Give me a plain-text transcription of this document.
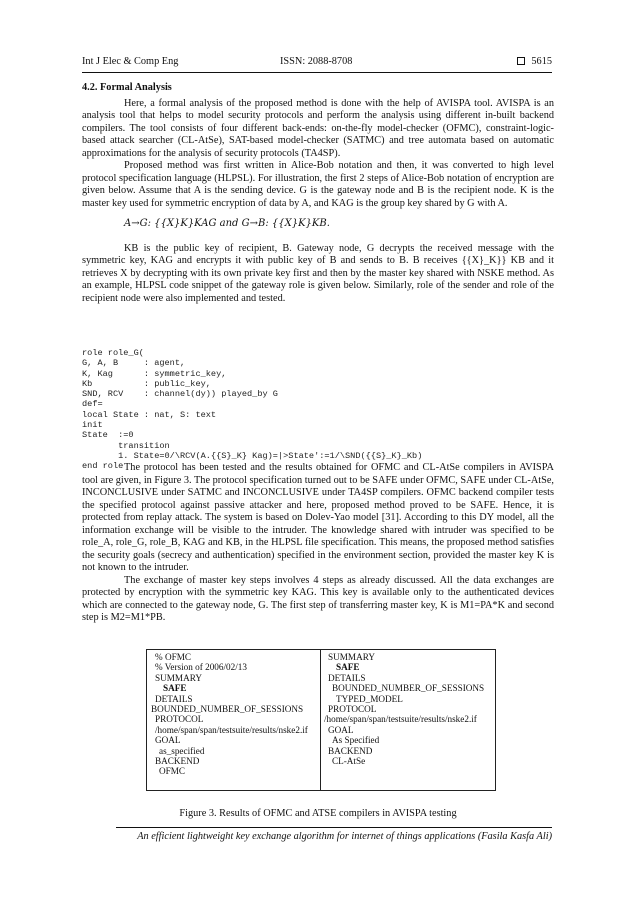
Int J Elec & Comp Eng	ISSN: 2088-8708	5615

4.2. Formal Analysis

Here, a formal analysis of the proposed method is done with the help of AVISPA tool. AVISPA is an analysis tool that helps to model security protocols and perform the analysis using different in-built backend compilers. The tool consists of four different back-ends: on-the-fly model-checker (OFMC), constraint-logic-based attack searcher (CL-AtSe), SAT-based model-checker (SATMC) and tree automata based on automatic approximations for the analysis of security protocols (TA4SP).

Proposed method was first written in Alice-Bob notation and then, it was converted to high level protocol specification language (HLPSL). For illustration, the first 2 steps of Alice-Bob notation of encryption are given below. Assume that A is the sending device. G is the gateway node and B is the recipient node. K is the master key used for symmetric encryption of data by A, and KAG is the group key shared by G with A.

A→G: {{X}K}KAG and G→B: {{X}K}KB.

KB is the public key of recipient, B. Gateway node, G decrypts the received message with the symmetric key, KAG and encrypts it with public key of B and sends to B. B receives {{X}_K}} KB and it retrieves X by decrypting with its own private key first and then by the master key shared with NSKE method. As an example, HLPSL code snippet of the gateway role is given below. Similarly, role of the sender and role of the recipient node were also implemented and tested.

role role_G(
G, A, B     : agent,
K, Kag      : symmetric_key,
Kb          : public_key,
SND, RCV    : channel(dy)) played_by G
def=
local State : nat, S: text
init
State  :=0
transition
1. State=0/\RCV(A.{{S}_K} Kag)=|>State':=1/\SND({{S}_K}_Kb)
end role The protocol has been tested and the results obtained for OFMC and CL-AtSe compilers in AVISPA tool are given, in Figure 3. The protocol specification turned out to be SAFE under OFMC, SAFE under CL-AtSe, INCONCLUSIVE under SATMC and INCONCLUSIVE under TA4SP compilers. OFMC backend compiler tests the specified protocol against passive attacker and here, proposed method proved to be SAFE. Hence, it is protected from replay attack. The system is based on Dolev-Yao model [31]. According to this DY model, all the information exchange will be visible to the intruder. The knowledge shared with intruder was specified to be role_A, role_G, role_B, KAG and KB, in the HLPSL file specification. This means, the proposed method satisfies the security goals (secrecy and authentication) specified in the environment section, provided the master key K is not known to the intruder.

The exchange of master key steps involves 4 steps as already discussed. All the data exchanges are protected by encryption with the symmetric key KAG. This key is available only to the authenticated devices which are connected to the gateway node, G. The first step of transferring master key, K is M1=PA*K and second step is M2=M1*PB.

% OFMC
% Version of 2006/02/13
SUMMARY
SAFE
DETAILS
BOUNDED_NUMBER_OF_SESSIONS
PROTOCOL
/home/span/span/testsuite/results/nske2.if
GOAL
as_specified
BACKEND
OFMC
SUMMARY
SAFE
DETAILS
BOUNDED_NUMBER_OF_SESSIONS
TYPED_MODEL
PROTOCOL
/home/span/span/testsuite/results/nske2.if
GOAL
As Specified
BACKEND
CL-AtSe
Figure 3. Results of OFMC and ATSE compilers in AVISPA testing
An efficient lightweight key exchange algorithm for internet of things applications (Fasila Kasfa Ali)
